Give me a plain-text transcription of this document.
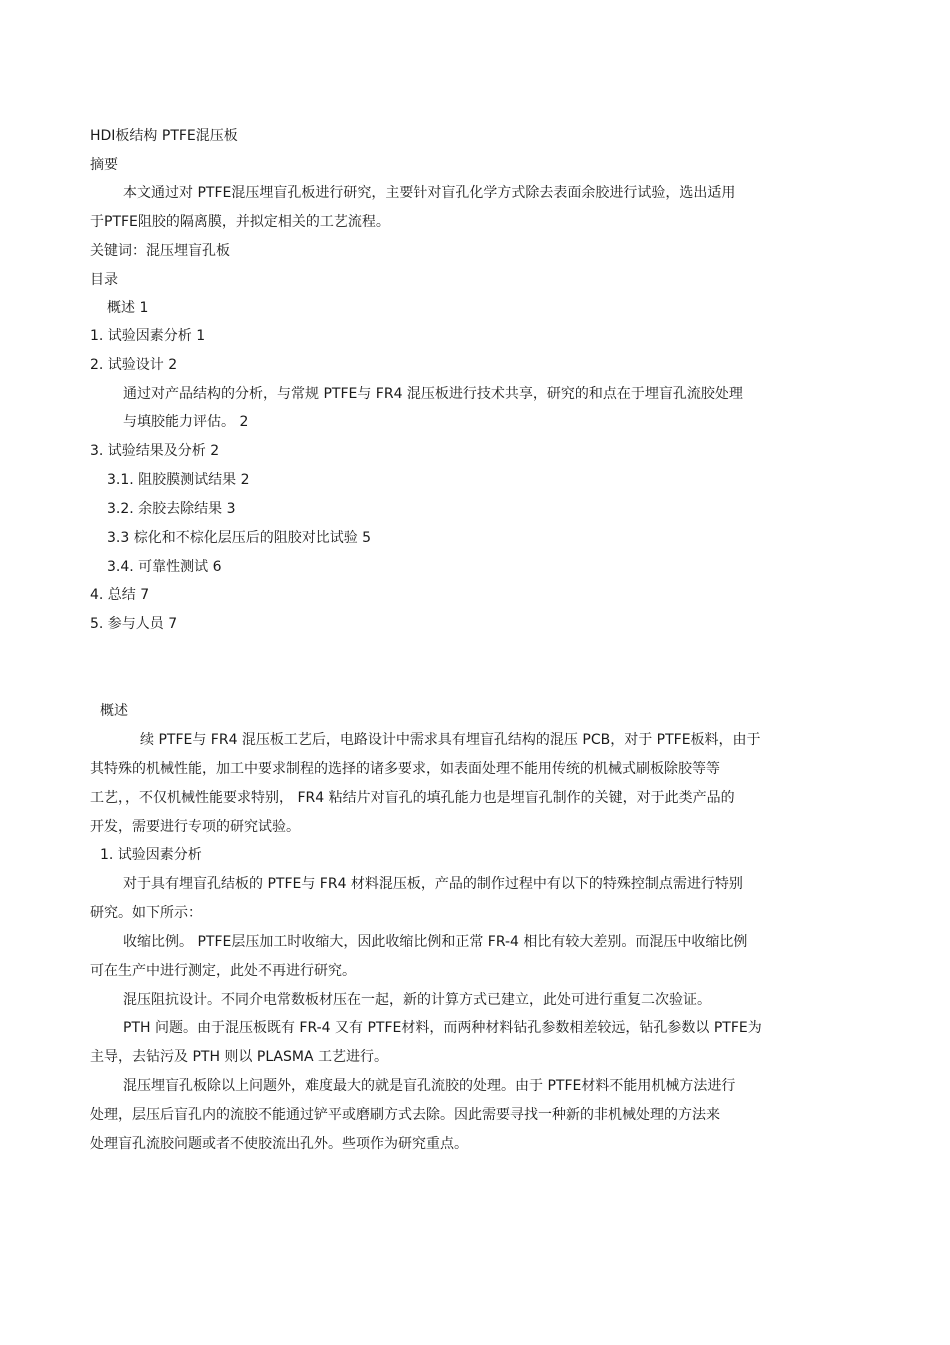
HDI板结构 PTFE混压板
摘要
本文通过对 PTFE混压埋盲孔板进行研究，主要针对盲孔化学方式除去表面余胶进行试验，选出适用
于PTFE阻胶的隔离膜，并拟定相关的工艺流程。
关键词：混压埋盲孔板
目录
概述 1
1. 试验因素分析 1
2. 试验设计 2
通过对产品结构的分析，与常规 PTFE与 FR4 混压板进行技术共享，研究的和点在于埋盲孔流胶处理
与填胶能力评估。 2
3. 试验结果及分析 2
3.1. 阻胶膜测试结果 2
3.2. 余胶去除结果 3
3.3 棕化和不棕化层压后的阻胶对比试验 5
3.4. 可靠性测试 6
4. 总结 7
5. 参与人员 7
概述
续 PTFE与 FR4 混压板工艺后，电路设计中需求具有埋盲孔结构的混压 PCB，对于 PTFE板料，由于
其特殊的机械性能，加工中要求制程的选择的诸多要求，如表面处理不能用传统的机械式刷板除胶等等
工艺，，不仅机械性能要求特别， FR4 粘结片对盲孔的填孔能力也是埋盲孔制作的关键，对于此类产品的
开发，需要进行专项的研究试验。
1. 试验因素分析
对于具有埋盲孔结板的 PTFE与 FR4 材料混压板，产品的制作过程中有以下的特殊控制点需进行特别
研究。如下所示：
收缩比例。 PTFE层压加工时收缩大，因此收缩比例和正常 FR-4 相比有较大差别。而混压中收缩比例
可在生产中进行测定，此处不再进行研究。
混压阻抗设计。不同介电常数板材压在一起，新的计算方式已建立，此处可进行重复二次验证。
PTH 问题。由于混压板既有 FR-4 又有 PTFE材料，而两种材料钻孔参数相差较远，钻孔参数以 PTFE为
主导，去钻污及 PTH 则以 PLASMA 工艺进行。
混压埋盲孔板除以上问题外，难度最大的就是盲孔流胶的处理。由于 PTFE材料不能用机械方法进行
处理，层压后盲孔内的流胶不能通过铲平或磨刷方式去除。因此需要寻找一种新的非机械处理的方法来
处理盲孔流胶问题或者不使胶流出孔外。些项作为研究重点。
